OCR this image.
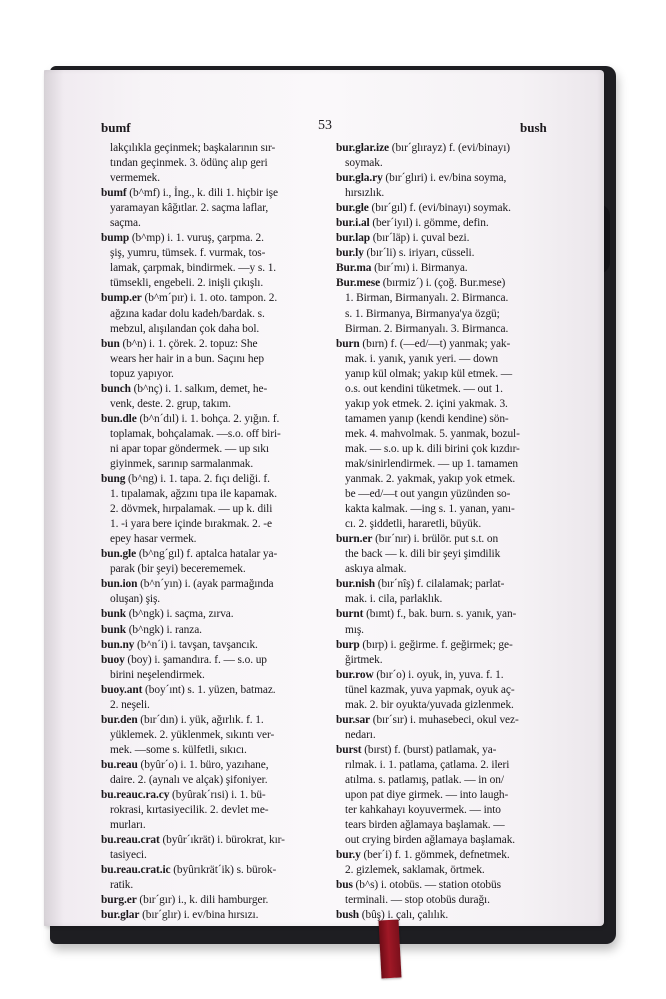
bumf	53	bush
lakçılıkla geçinmek; başkalarının sır-
tından geçinmek. 3. ödünç alıp geri
vermemek.
bumf (b^mf) i., İng., k. dili 1. hiçbir işe
yaramayan kâğıtlar. 2. saçma laflar,
saçma.
bump (b^mp) i. 1. vuruş, çarpma. 2.
şiş, yumru, tümsek. f. vurmak, tos-
lamak, çarpmak, bindirmek. —y s. 1.
tümsekli, engebeli. 2. inişli çıkışlı.
bump.er (b^m´pır) i. 1. oto. tampon. 2.
ağzına kadar dolu kadeh/bardak. s.
mebzul, alışılandan çok daha bol.
bun (b^n) i. 1. çörek. 2. topuz: She
wears her hair in a bun. Saçını hep
topuz yapıyor.
bunch (b^nç) i. 1. salkım, demet, he-
venk, deste. 2. grup, takım.
bun.dle (b^n´dıl) i. 1. bohça. 2. yığın. f.
toplamak, bohçalamak. —s.o. off biri-
ni apar topar göndermek. — up sıkı
giyinmek, sarınıp sarmalanmak.
bung (b^ng) i. 1. tapa. 2. fıçı deliği. f.
1. tıpalamak, ağzını tıpa ile kapamak.
2. dövmek, hırpalamak. — up k. dili
1. -i yara bere içinde bırakmak. 2. -e
epey hasar vermek.
bun.gle (b^ng´gıl) f. aptalca hatalar ya-
parak (bir şeyi) becerememek.
bun.ion (b^n´yın) i. (ayak parmağında
oluşan) şiş.
bunk (b^ngk) i. saçma, zırva.
bunk (b^ngk) i. ranza.
bun.ny (b^n´i) i. tavşan, tavşancık.
buoy (boy) i. şamandıra. f. — s.o. up
birini neşelendirmek.
buoy.ant (boy´ınt) s. 1. yüzen, batmaz.
2. neşeli.
bur.den (bır´dın) i. yük, ağırlık. f. 1.
yüklemek. 2. yüklenmek, sıkıntı ver-
mek. —some s. külfetli, sıkıcı.
bu.reau (byûr´o) i. 1. büro, yazıhane,
daire. 2. (aynalı ve alçak) şifoniyer.
bu.reauc.ra.cy (byûrak´rısi) i. 1. bü-
rokrasi, kırtasiyecilik. 2. devlet me-
murları.
bu.reau.crat (byûr´ıkrät) i. bürokrat, kır-
tasiyeci.
bu.reau.crat.ic (byûrıkrät´ik) s. bürok-
ratik.
burg.er (bır´gır) i., k. dili hamburger.
bur.glar (bır´glır) i. ev/bina hırsızı.
bur.glar.ize (bır´glırayz) f. (evi/binayı)
soymak.
bur.gla.ry (bır´glıri) i. ev/bina soyma,
hırsızlık.
bur.gle (bır´gıl) f. (evi/binayı) soymak.
bur.i.al (ber´iyıl) i. gömme, defin.
bur.lap (bır´läp) i. çuval bezi.
bur.ly (bır´li) s. iriyarı, cüsseli.
Bur.ma (bır´mı) i. Birmanya.
Bur.mese (bırmiz´) i. (çoğ. Bur.mese)
1. Birman, Birmanyalı. 2. Birmanca.
s. 1. Birmanya, Birmanya'ya özgü;
Birman. 2. Birmanyalı. 3. Birmanca.
burn (bırn) f. (—ed/—t) yanmak; yak-
mak. i. yanık, yanık yeri. — down
yanıp kül olmak; yakıp kül etmek. —
o.s. out kendini tüketmek. — out 1.
yakıp yok etmek. 2. içini yakmak. 3.
tamamen yanıp (kendi kendine) sön-
mek. 4. mahvolmak. 5. yanmak, bozul-
mak. — s.o. up k. dili birini çok kızdır-
mak/sinirlendirmek. — up 1. tamamen
yanmak. 2. yakmak, yakıp yok etmek.
be —ed/—t out yangın yüzünden so-
kakta kalmak. —ing s. 1. yanan, yanı-
cı. 2. şiddetli, hararetli, büyük.
burn.er (bır´nır) i. brülör. put s.t. on
the back — k. dili bir şeyi şimdilik
askıya almak.
bur.nish (bır´nîş) f. cilalamak; parlat-
mak. i. cila, parlaklık.
burnt (bımt) f., bak. burn. s. yanık, yan-
mış.
burp (bırp) i. geğirme. f. geğirmek; ge-
ğirtmek.
bur.row (bır´o) i. oyuk, in, yuva. f. 1.
tünel kazmak, yuva yapmak, oyuk aç-
mak. 2. bir oyukta/yuvada gizlenmek.
bur.sar (bır´sır) i. muhasebeci, okul vez-
nedarı.
burst (bırst) f. (burst) patlamak, ya-
rılmak. i. 1. patlama, çatlama. 2. ileri
atılma. s. patlamış, patlak. — in on/
upon pat diye girmek. — into laugh-
ter kahkahayı koyuvermek. — into
tears birden ağlamaya başlamak. —
out crying birden ağlamaya başlamak.
bur.y (ber´i) f. 1. gömmek, defnetmek.
2. gizlemek, saklamak, örtmek.
bus (b^s) i. otobüs. — station otobüs
terminali. — stop otobüs durağı.
bush (bûş) i. çalı, çalılık.
